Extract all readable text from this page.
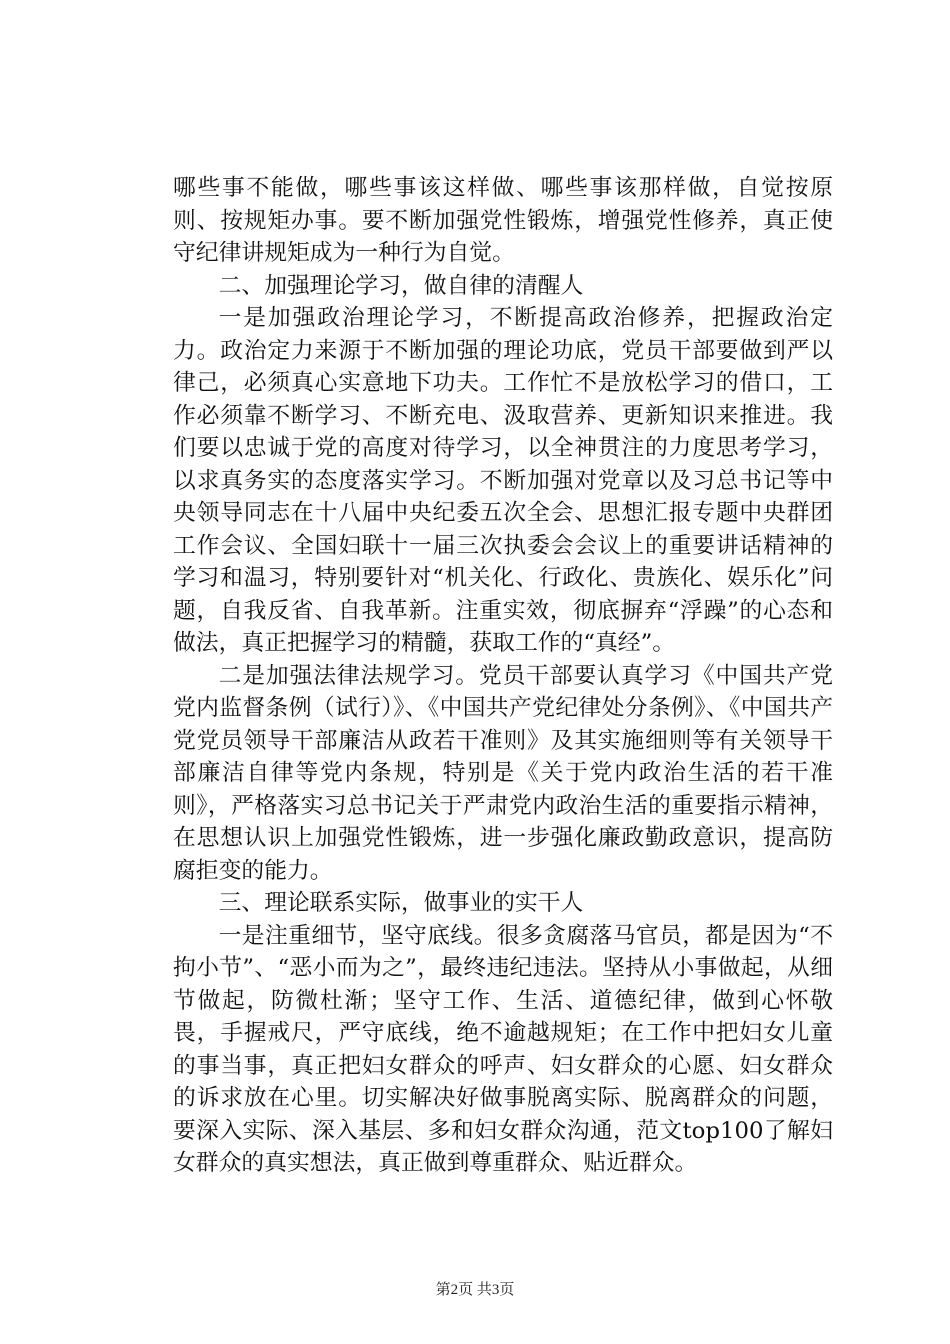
哪些事不能做，哪些事该这样做、哪些事该那样做，自觉按原则、按规矩办事。要不断加强党性锻炼，增强党性修养，真正使守纪律讲规矩成为一种行为自觉。

二、加强理论学习，做自律的清醒人

一是加强政治理论学习，不断提高政治修养，把握政治定力。政治定力来源于不断加强的理论功底，党员干部要做到严以律己，必须真心实意地下功夫。工作忙不是放松学习的借口，工作必须靠不断学习、不断充电、汲取营养、更新知识来推进。我们要以忠诚于党的高度对待学习，以全神贯注的力度思考学习，以求真务实的态度落实学习。不断加强对党章以及习总书记等中央领导同志在十八届中央纪委五次全会、思想汇报专题中央群团工作会议、全国妇联十一届三次执委会会议上的重要讲话精神的学习和温习，特别要针对“机关化、行政化、贵族化、娱乐化”问题，自我反省、自我革新。注重实效，彻底摒弃“浮躁”的心态和做法，真正把握学习的精髓，获取工作的“真经”。

二是加强法律法规学习。党员干部要认真学习《中国共产党党内监督条例（试行）》、《中国共产党纪律处分条例》、《中国共产党党员领导干部廉洁从政若干准则》及其实施细则等有关领导干部廉洁自律等党内条规，特别是《关于党内政治生活的若干准则》，严格落实习总书记关于严肃党内政治生活的重要指示精神，在思想认识上加强党性锻炼，进一步强化廉政勤政意识，提高防腐拒变的能力。

三、理论联系实际，做事业的实干人

一是注重细节，坚守底线。很多贪腐落马官员，都是因为“不拘小节”、“恶小而为之”，最终违纪违法。坚持从小事做起，从细节做起，防微杜渐；坚守工作、生活、道德纪律，做到心怀敬畏，手握戒尺，严守底线，绝不逾越规矩；在工作中把妇女儿童的事当事，真正把妇女群众的呼声、妇女群众的心愿、妇女群众的诉求放在心里。切实解决好做事脱离实际、脱离群众的问题，要深入实际、深入基层、多和妇女群众沟通，范文top100了解妇女群众的真实想法，真正做到尊重群众、贴近群众。

第2页 共3页
